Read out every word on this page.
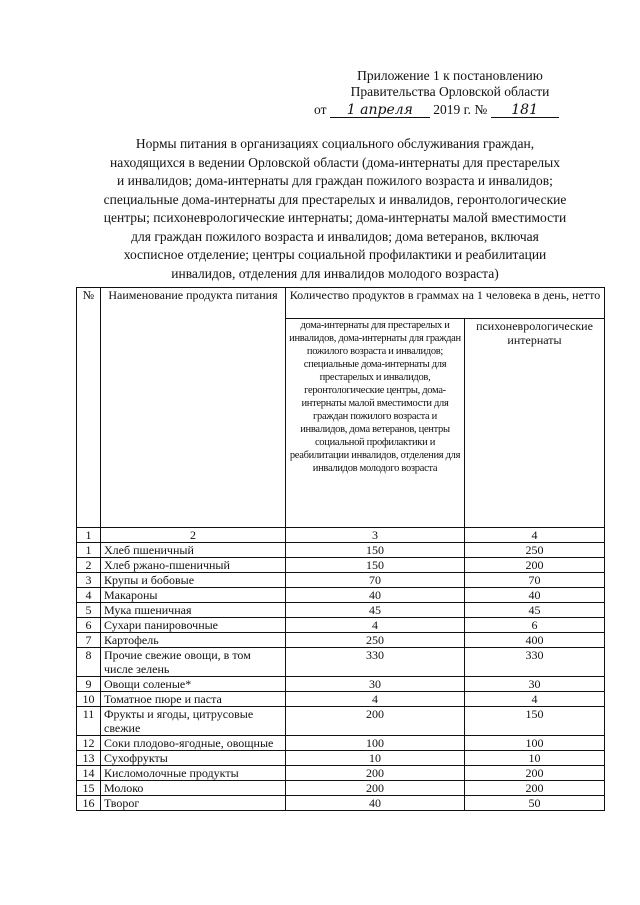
Приложение 1 к постановлению
Правительства Орловской области
от 1 апреля 2019 г. № 181
Нормы питания в организациях социального обслуживания граждан,
находящихся в ведении Орловской области (дома-интернаты для престарелых
и инвалидов; дома-интернаты для граждан пожилого возраста и инвалидов;
специальные дома-интернаты для престарелых и инвалидов, геронтологические
центры; психоневрологические интернаты; дома-интернаты малой вместимости
для граждан пожилого возраста и инвалидов; дома ветеранов, включая
хосписное отделение; центры социальной профилактики и реабилитации
инвалидов, отделения для инвалидов молодого возраста)
№	Наименование продукта питания	Количество продуктов в граммах на 1 человека в день, нетто	
		дома-интернаты для престарелых и инвалидов, дома-интернаты для граждан пожилого возраста и инвалидов; специальные дома-интернаты для престарелых и инвалидов, геронтологические центры, дома-интернаты малой вместимости для граждан пожилого возраста и инвалидов, дома ветеранов, центры социальной профилактики и реабилитации инвалидов, отделения для инвалидов молодого возраста	психоневрологические интернаты
1	2	3	4
1	Хлеб пшеничный	150	250
2	Хлеб ржано-пшеничный	150	200
3	Крупы и бобовые	70	70
4	Макароны	40	40
5	Мука пшеничная	45	45
6	Сухари панировочные	4	6
7	Картофель	250	400
8	Прочие свежие овощи, в том числе зелень	330	330
9	Овощи соленые*	30	30
10	Томатное пюре и паста	4	4
11	Фрукты и ягоды, цитрусовые свежие	200	150
12	Соки плодово-ягодные, овощные	100	100
13	Сухофрукты	10	10
14	Кисломолочные продукты	200	200
15	Молоко	200	200
16	Творог	40	50
